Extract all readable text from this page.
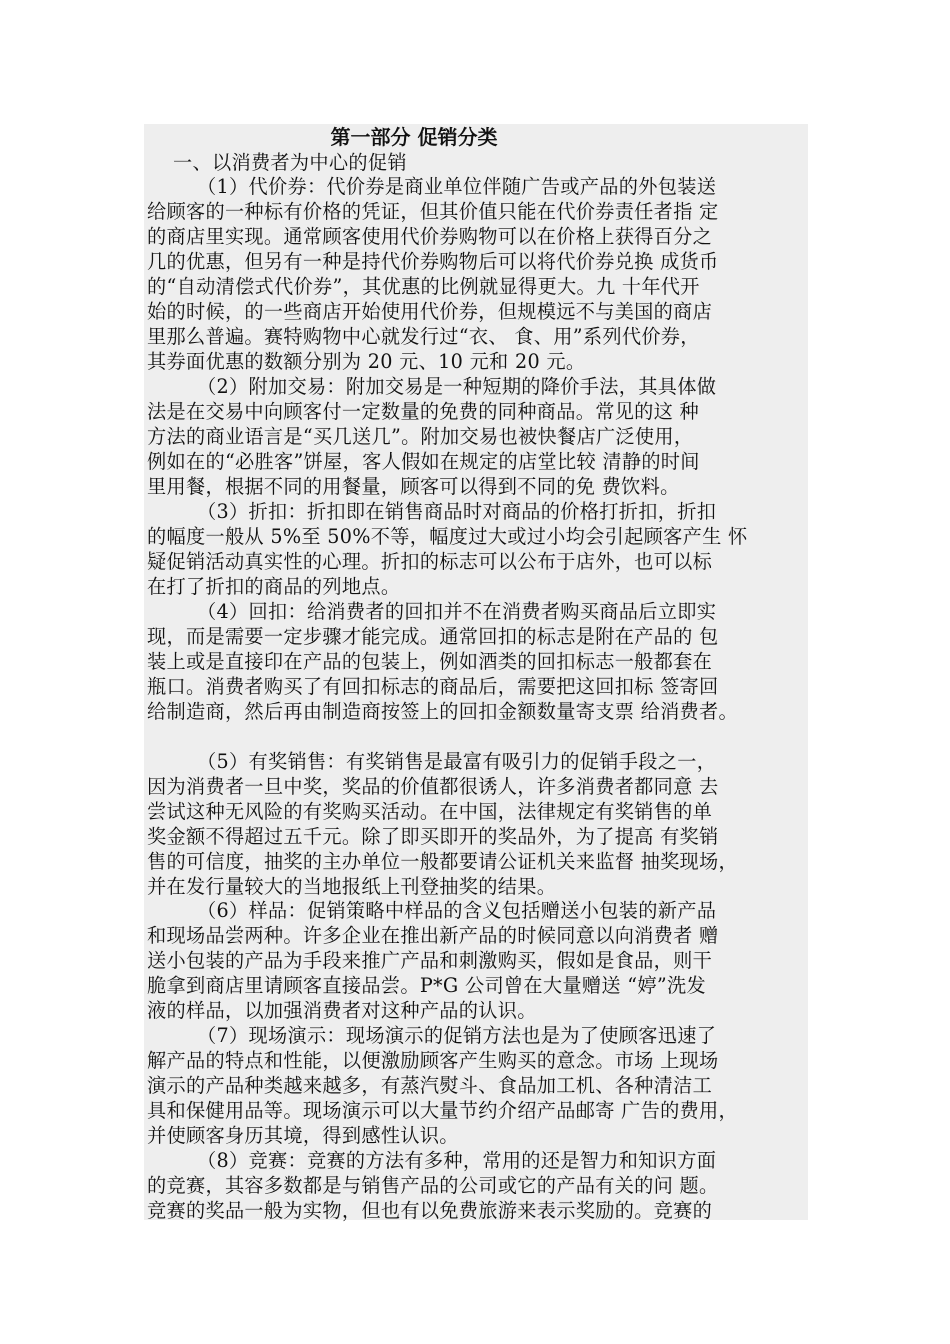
第一部分 促销分类
一、以消费者为中心的促销
（1）代价券：代价券是商业单位伴随广告或产品的外包装送
给顾客的一种标有价格的凭证，但其价值只能在代价券责任者指 定
的商店里实现。通常顾客使用代价券购物可以在价格上获得百分之
几的优惠，但另有一种是持代价券购物后可以将代价券兑换 成货币
的“自动清偿式代价券”，其优惠的比例就显得更大。九 十年代开
始的时候，的一些商店开始使用代价券，但规模远不与美国的商店
里那么普遍。赛特购物中心就发行过“衣、 食、用”系列代价券，
其券面优惠的数额分别为 20 元、10 元和 20 元。
（2）附加交易：附加交易是一种短期的降价手法，其具体做
法是在交易中向顾客付一定数量的免费的同种商品。常见的这 种
方法的商业语言是“买几送几”。附加交易也被快餐店广泛使用，
例如在的“必胜客”饼屋，客人假如在规定的店堂比较 清静的时间
里用餐，根据不同的用餐量，顾客可以得到不同的免 费饮料。
（3）折扣：折扣即在销售商品时对商品的价格打折扣，折扣
的幅度一般从 5%至 50%不等，幅度过大或过小均会引起顾客产生 怀
疑促销活动真实性的心理。折扣的标志可以公布于店外，也可以标
在打了折扣的商品的列地点。
（4）回扣：给消费者的回扣并不在消费者购买商品后立即实
现，而是需要一定步骤才能完成。通常回扣的标志是附在产品的 包
装上或是直接印在产品的包装上，例如酒类的回扣标志一般都套在
瓶口。消费者购买了有回扣标志的商品后，需要把这回扣标 签寄回
给制造商，然后再由制造商按签上的回扣金额数量寄支票 给消费者。
（5）有奖销售：有奖销售是最富有吸引力的促销手段之一，
因为消费者一旦中奖，奖品的价值都很诱人，许多消费者都同意 去
尝试这种无风险的有奖购买活动。在中国，法律规定有奖销售的单
奖金额不得超过五千元。除了即买即开的奖品外，为了提高 有奖销
售的可信度，抽奖的主办单位一般都要请公证机关来监督 抽奖现场，
并在发行量较大的当地报纸上刊登抽奖的结果。
（6）样品：促销策略中样品的含义包括赠送小包装的新产品
和现场品尝两种。许多企业在推出新产品的时候同意以向消费者 赠
送小包装的产品为手段来推广产品和刺激购买，假如是食品，则干
脆拿到商店里请顾客直接品尝。P*G 公司曾在大量赠送 “婷”洗发
液的样品，以加强消费者对这种产品的认识。
（7）现场演示：现场演示的促销方法也是为了使顾客迅速了
解产品的特点和性能，以便激励顾客产生购买的意念。市场 上现场
演示的产品种类越来越多，有蒸汽熨斗、食品加工机、各种清洁工
具和保健用品等。现场演示可以大量节约介绍产品邮寄 广告的费用，
并使顾客身历其境，得到感性认识。
（8）竞赛：竞赛的方法有多种，常用的还是智力和知识方面
的竞赛，其容多数都是与销售产品的公司或它的产品有关的问 题。
竞赛的奖品一般为实物，但也有以免费旅游来表示奖励的。竞赛的
